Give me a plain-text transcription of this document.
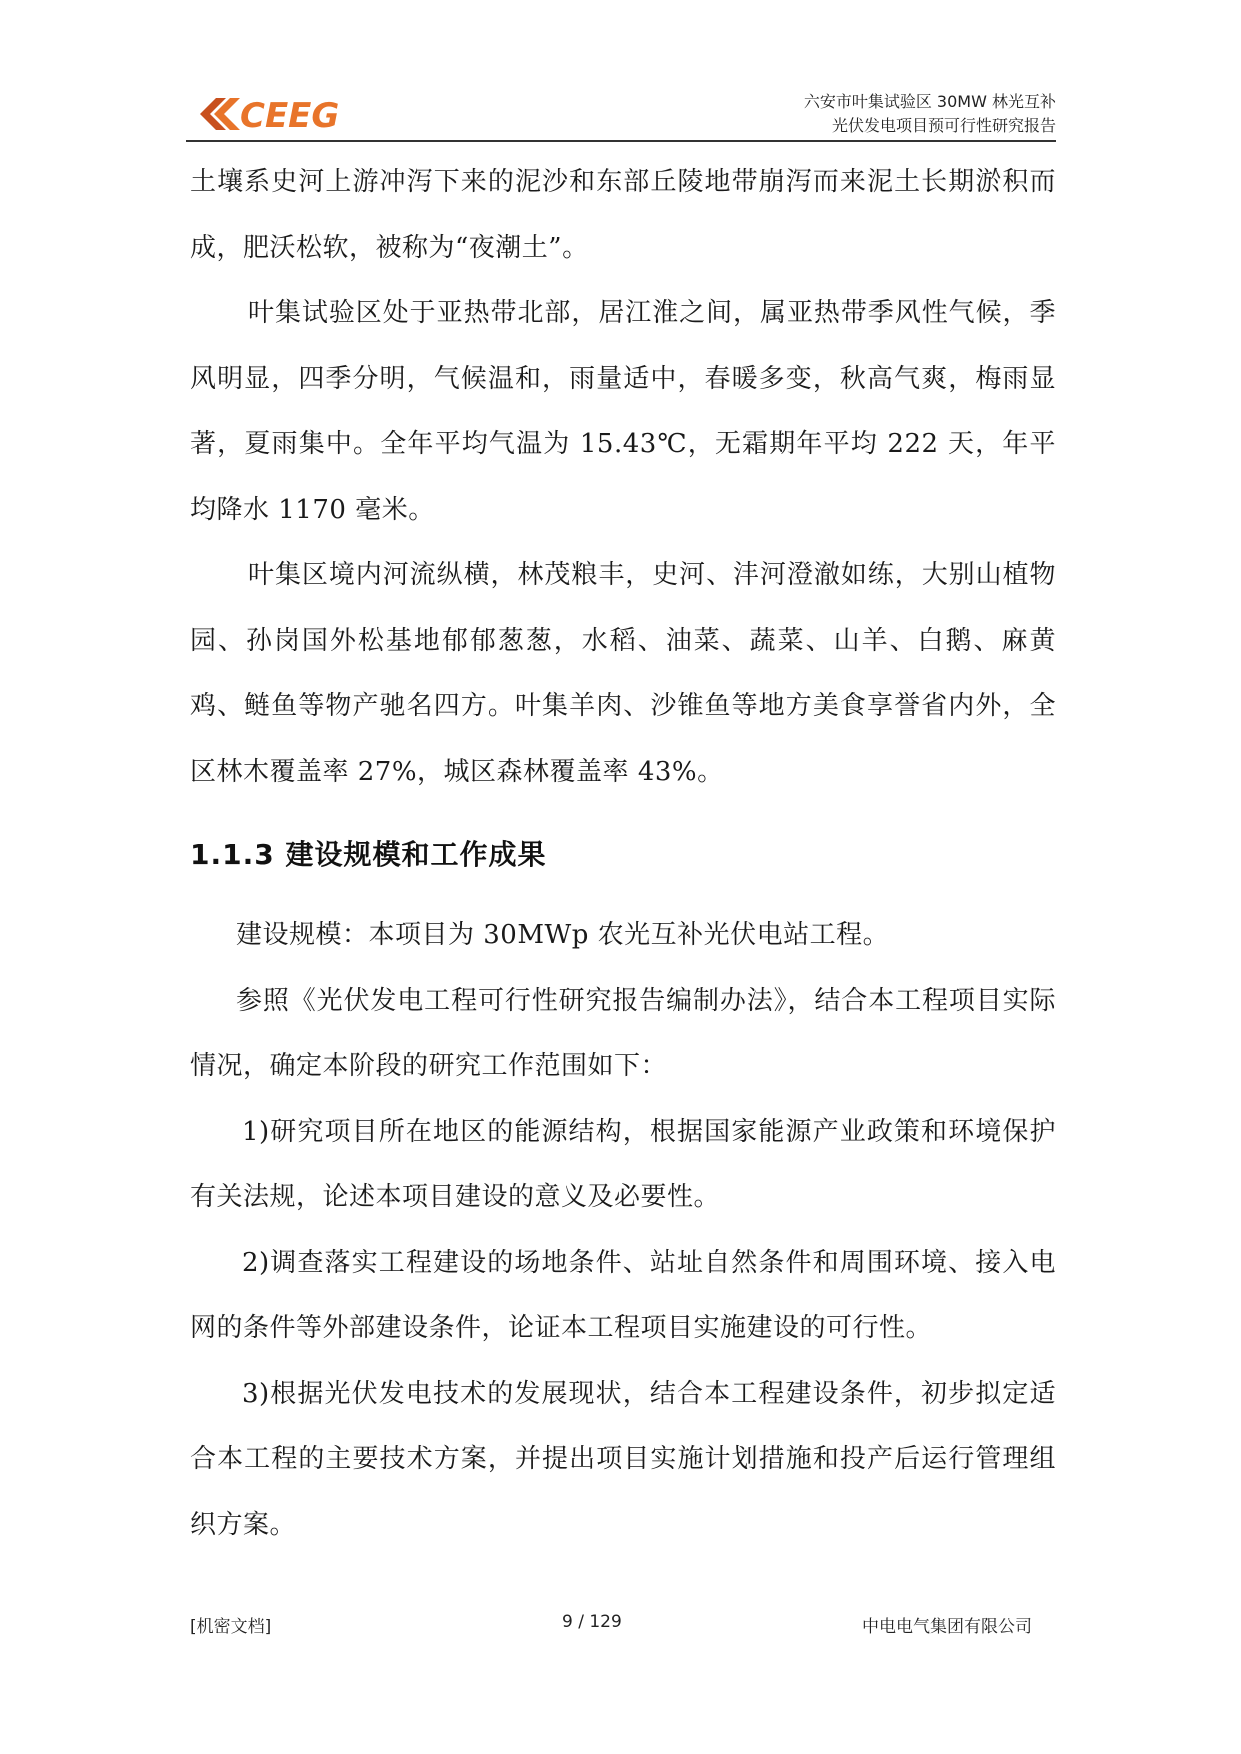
CEEG	六安市叶集试验区 30MW 林光互补
光伏发电项目预可行性研究报告

土壤系史河上游冲泻下来的泥沙和东部丘陵地带崩泻而来泥土长期淤积而成，肥沃松软，被称为“夜潮土”。

叶集试验区处于亚热带北部，居江淮之间，属亚热带季风性气候，季风明显，四季分明，气候温和，雨量适中，春暖多变，秋高气爽，梅雨显著，夏雨集中。全年平均气温为 15.43℃，无霜期年平均 222 天，年平均降水 1170 毫米。

叶集区境内河流纵横，林茂粮丰，史河、沣河澄澈如练，大别山植物园、孙岗国外松基地郁郁葱葱，水稻、油菜、蔬菜、山羊、白鹅、麻黄鸡、鲢鱼等物产驰名四方。叶集羊肉、沙锥鱼等地方美食享誉省内外，全区林木覆盖率 27%，城区森林覆盖率 43%。

1.1.3 建设规模和工作成果

建设规模：本项目为 30MWp 农光互补光伏电站工程。

参照《光伏发电工程可行性研究报告编制办法》，结合本工程项目实际情况，确定本阶段的研究工作范围如下：

1)研究项目所在地区的能源结构，根据国家能源产业政策和环境保护有关法规，论述本项目建设的意义及必要性。

2)调查落实工程建设的场地条件、站址自然条件和周围环境、接入电网的条件等外部建设条件，论证本工程项目实施建设的可行性。

3)根据光伏发电技术的发展现状，结合本工程建设条件，初步拟定适合本工程的主要技术方案，并提出项目实施计划措施和投产后运行管理组织方案。

[机密文档]	9 / 129	中电电气集团有限公司
